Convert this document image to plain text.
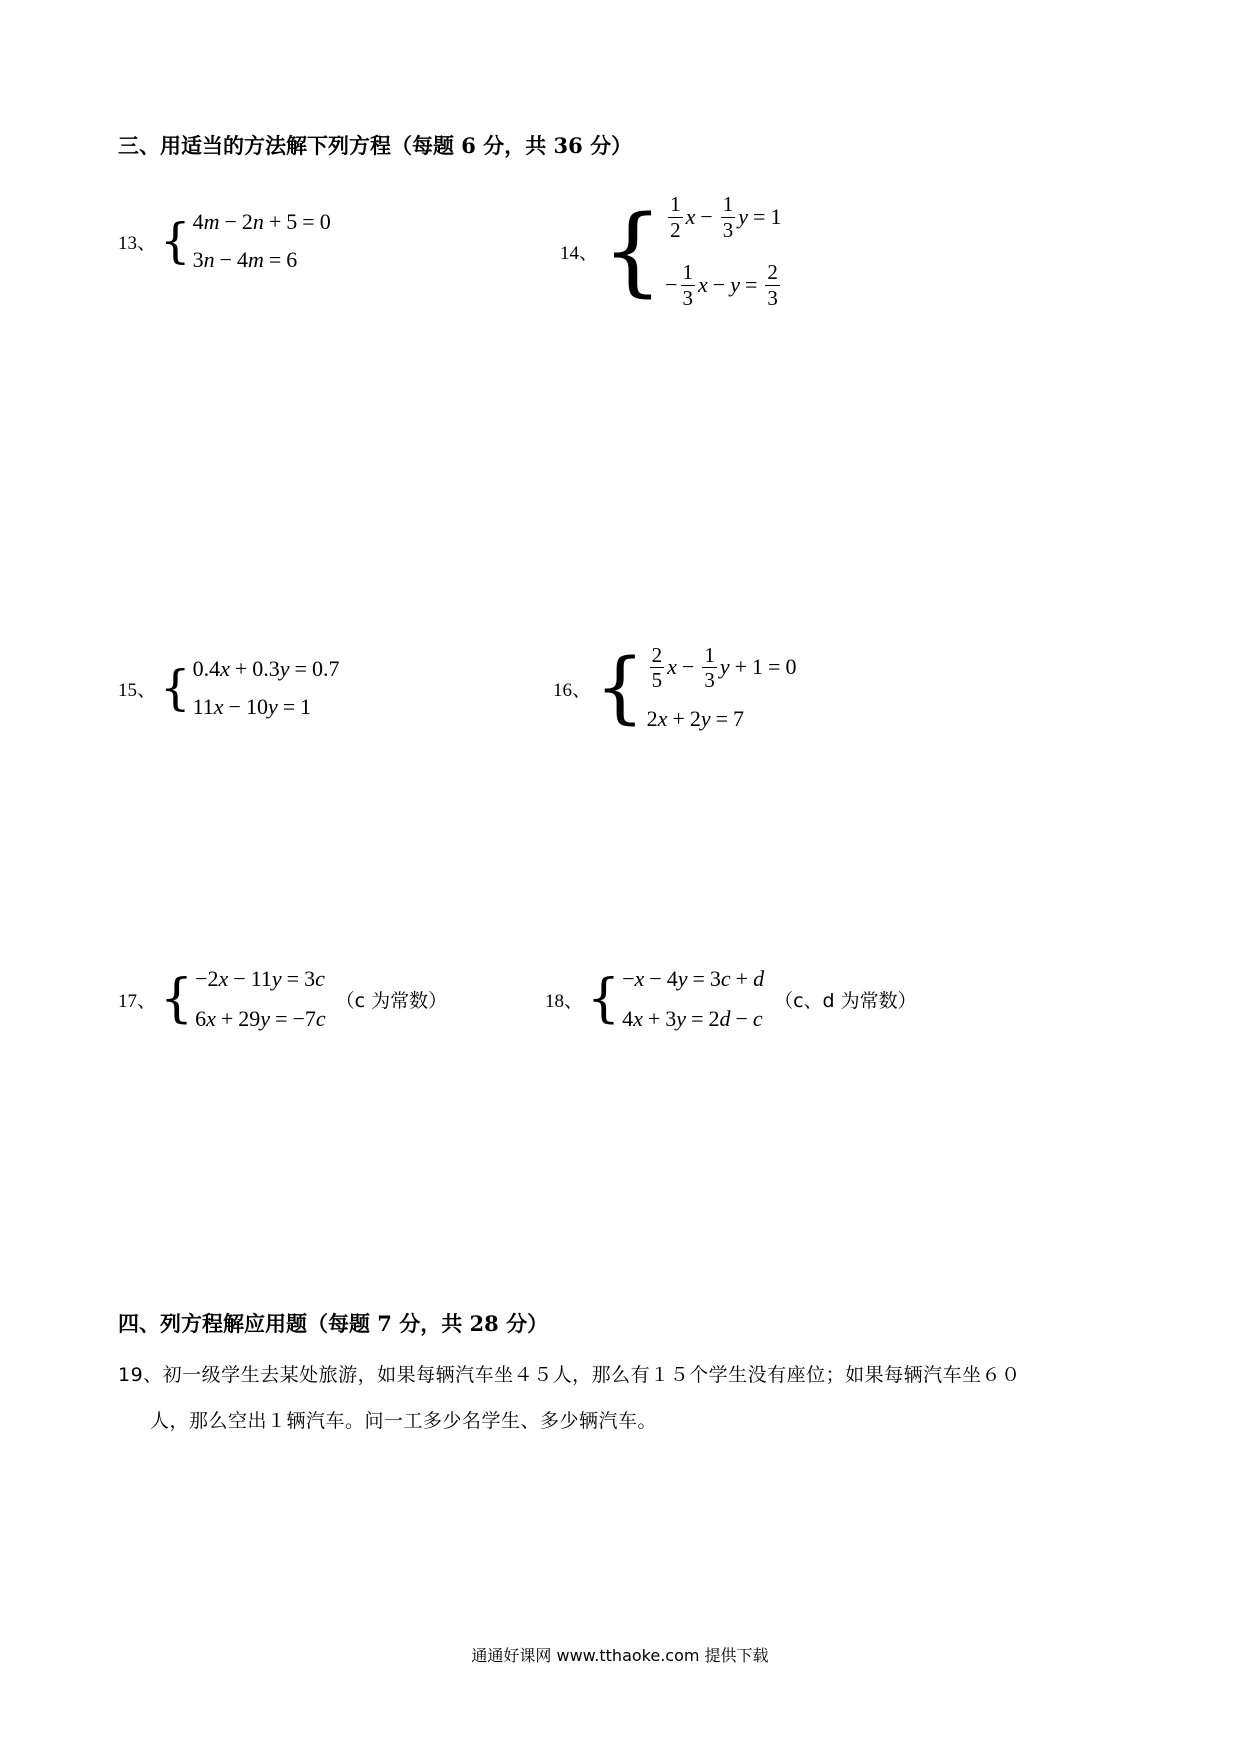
三、用适当的方法解下列方程（每题 6 分，共 36 分）
13、 { 4 m − 2 n + 5 = 0
3 n − 4 m = 6	14、 { $\frac{1}{2}$ $x - \frac{1}{3}$ y = 1
− $\frac{1}{3}$ $x - y = \frac{2}{3}$
15、 { 0.4 x + 0.3 y = 0.7
11 x − 10 y = 1
16、 { $\frac{2}{5}$ $x - \frac{1}{3}$ y + 1 = 0
2 x + 2 y = 7
17、 { −2 x − 11 y = 3 c
6 x + 29 y = −7 c
（c 为常数）	18、 { − x − 4 y = 3 c + d
4 x + 3 y = 2 d − c
（c、d 为常数）
四、列方程解应用题（每题 7 分，共 28 分）
19、初一级学生去某处旅游，如果每辆汽车坐４５人，那么有１５个学生没有座位；如果每辆汽车坐６０
人，那么空出１辆汽车。问一工多少名学生、多少辆汽车。
通通好课网 www.tthaoke.com 提供下载
